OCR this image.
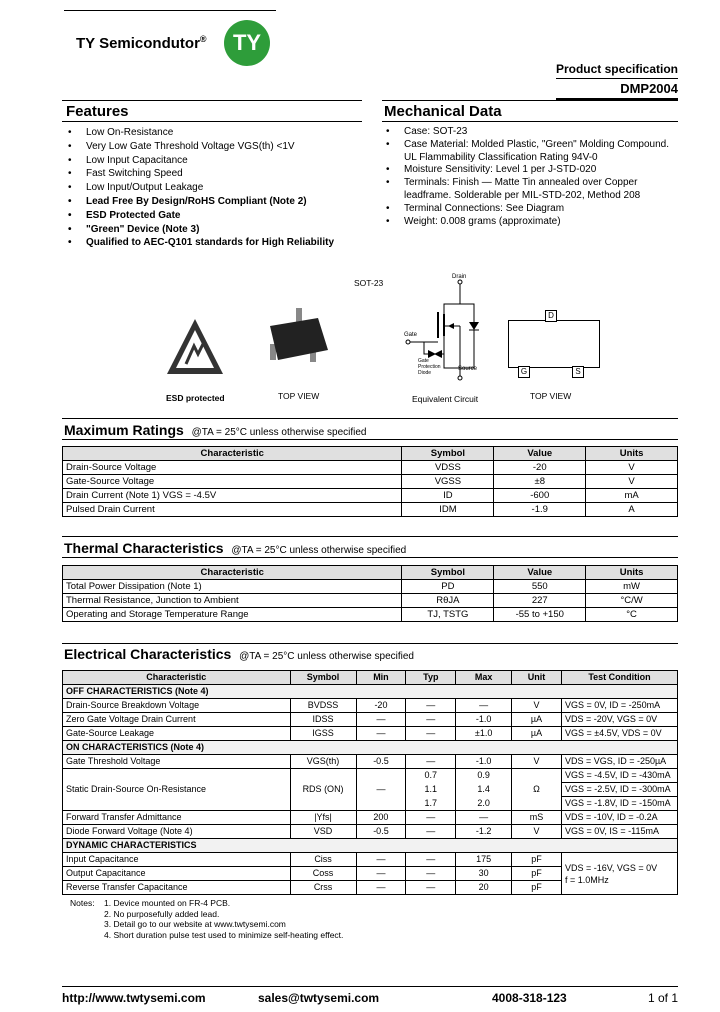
TY Semicondutor®	TY
Product specification
DMP2004
Features
• Low On-Resistance
• Very Low Gate Threshold Voltage VGS(th) <1V
• Low Input Capacitance
• Fast Switching Speed
• Low Input/Output Leakage
• Lead Free By Design/RoHS Compliant (Note 2)
• ESD Protected Gate
• "Green" Device (Note 3)
• Qualified to AEC-Q101 standards for High Reliability
Mechanical Data
• Case: SOT-23
• Case Material: Molded Plastic, "Green" Molding Compound. UL Flammability Classification Rating 94V-0
• Moisture Sensitivity: Level 1 per J-STD-020
• Terminals: Finish — Matte Tin annealed over Copper leadframe. Solderable per MIL-STD-202, Method 208
• Terminal Connections: See Diagram
• Weight: 0.008 grams (approximate)
SOT-23
ESD protected	TOP VIEW
Drain
Gate
Gate Protection Diode
Source
Equivalent Circuit
D
G	S
TOP VIEW
Maximum Ratings @TA = 25°C unless otherwise specified
Characteristic	Symbol	Value	Units
Drain-Source Voltage	VDSS	-20	V
Gate-Source Voltage	VGSS	±8	V
Drain Current (Note 1) VGS = -4.5V	ID	-600	mA
Pulsed Drain Current	IDM	-1.9	A
Thermal Characteristics @TA = 25°C unless otherwise specified
Characteristic	Symbol	Value	Units
Total Power Dissipation (Note 1)	PD	550	mW
Thermal Resistance, Junction to Ambient	RθJA	227	°C/W
Operating and Storage Temperature Range	TJ, TSTG	-55 to +150	°C
Electrical Characteristics @TA = 25°C unless otherwise specified
Characteristic	Symbol	Min	Typ	Max	Unit	Test Condition
OFF CHARACTERISTICS (Note 4)						
Drain-Source Breakdown Voltage	BVDSS	-20	—	—	V	VGS = 0V, ID = -250mA
Zero Gate Voltage Drain Current	IDSS	—	—	-1.0	µA	VDS = -20V, VGS = 0V
Gate-Source Leakage	IGSS	—	—	±1.0	µA	VGS = ±4.5V, VDS = 0V
ON CHARACTERISTICS (Note 4)						
Gate Threshold Voltage	VGS(th)	-0.5	—	-1.0	V	VDS = VGS, ID = -250µA
Static Drain-Source On-Resistance	RDS (ON)	—	0.7	0.9	Ω	VGS = -4.5V, ID = -430mA
			1.1	1.4		VGS = -2.5V, ID = -300mA
			1.7	2.0		VGS = -1.8V, ID = -150mA
Forward Transfer Admittance	|Yfs|	200	—	—	mS	VDS = -10V, ID = -0.2A
Diode Forward Voltage (Note 4)	VSD	-0.5	—	-1.2	V	VGS = 0V, IS = -115mA
DYNAMIC CHARACTERISTICS						
Input Capacitance	Ciss	—	—	175	pF	VDS = -16V, VGS = 0V
f = 1.0MHz

Output Capacitance	Coss	—	—	30	pF	
Reverse Transfer Capacitance	Crss	—	—	20	pF	
Notes: 1. Device mounted on FR-4 PCB.
2. No purposefully added lead.
3. Detail go to our website at www.twtysemi.com
4. Short duration pulse test used to minimize self-heating effect.
http://www.twtysemi.com	sales@twtysemi.com	4008-318-123	1 of 1
